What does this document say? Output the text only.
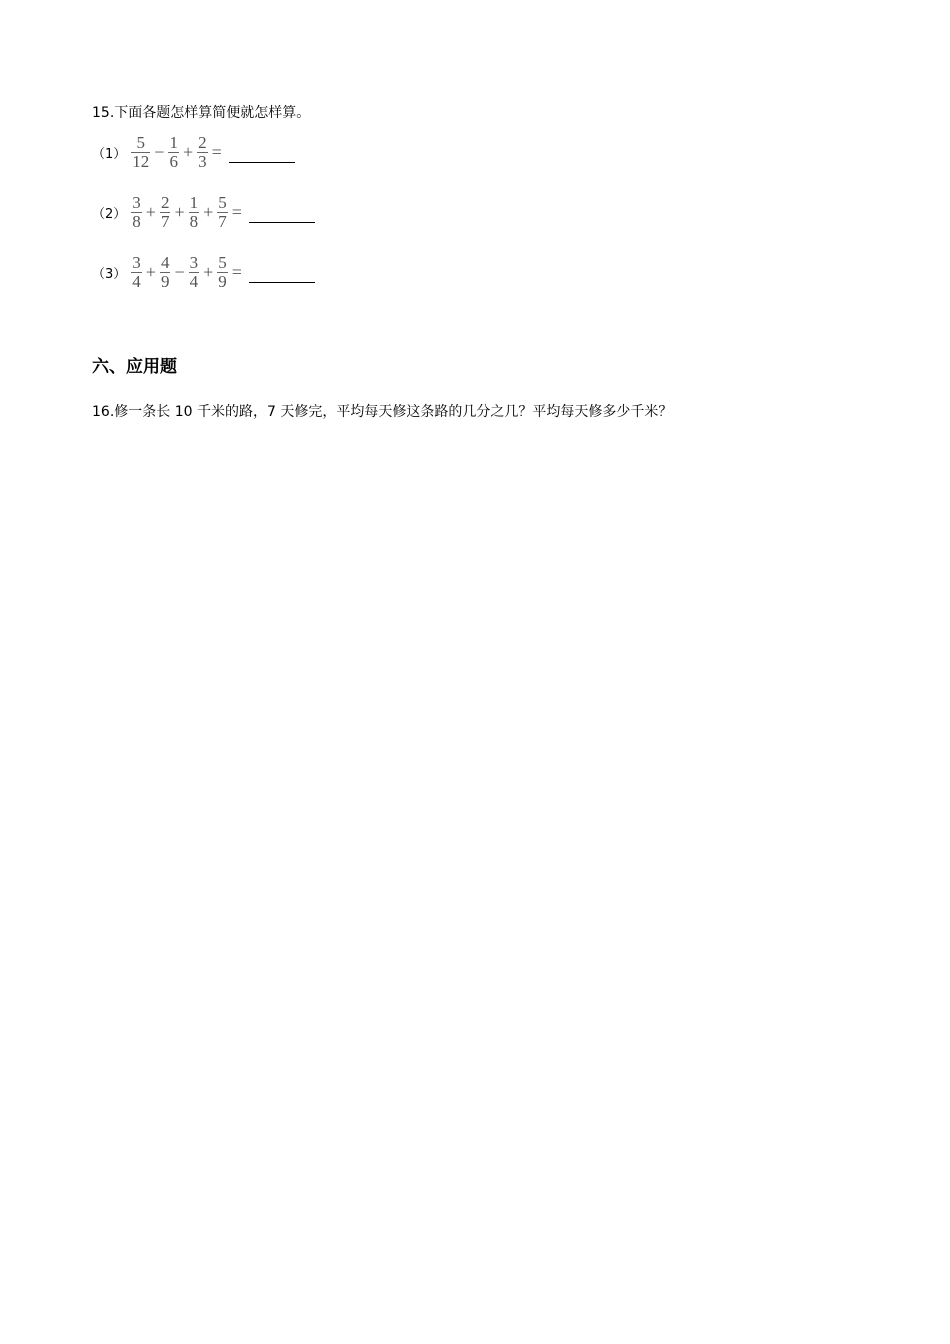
15.下面各题怎样算简便就怎样算。
$(1) \frac{5}{12} - \frac{1}{6} + \frac{2}{3}$ =
$(2) \frac{3}{8} + \frac{2}{7} + \frac{1}{8} + \frac{5}{7}$ =
$(3) \frac{3}{4} + \frac{4}{9} - \frac{3}{4} + \frac{5}{9}$ =
六、应用题
16.修一条长 10 千米的路，7 天修完，平均每天修这条路的几分之几？平均每天修多少千米？
